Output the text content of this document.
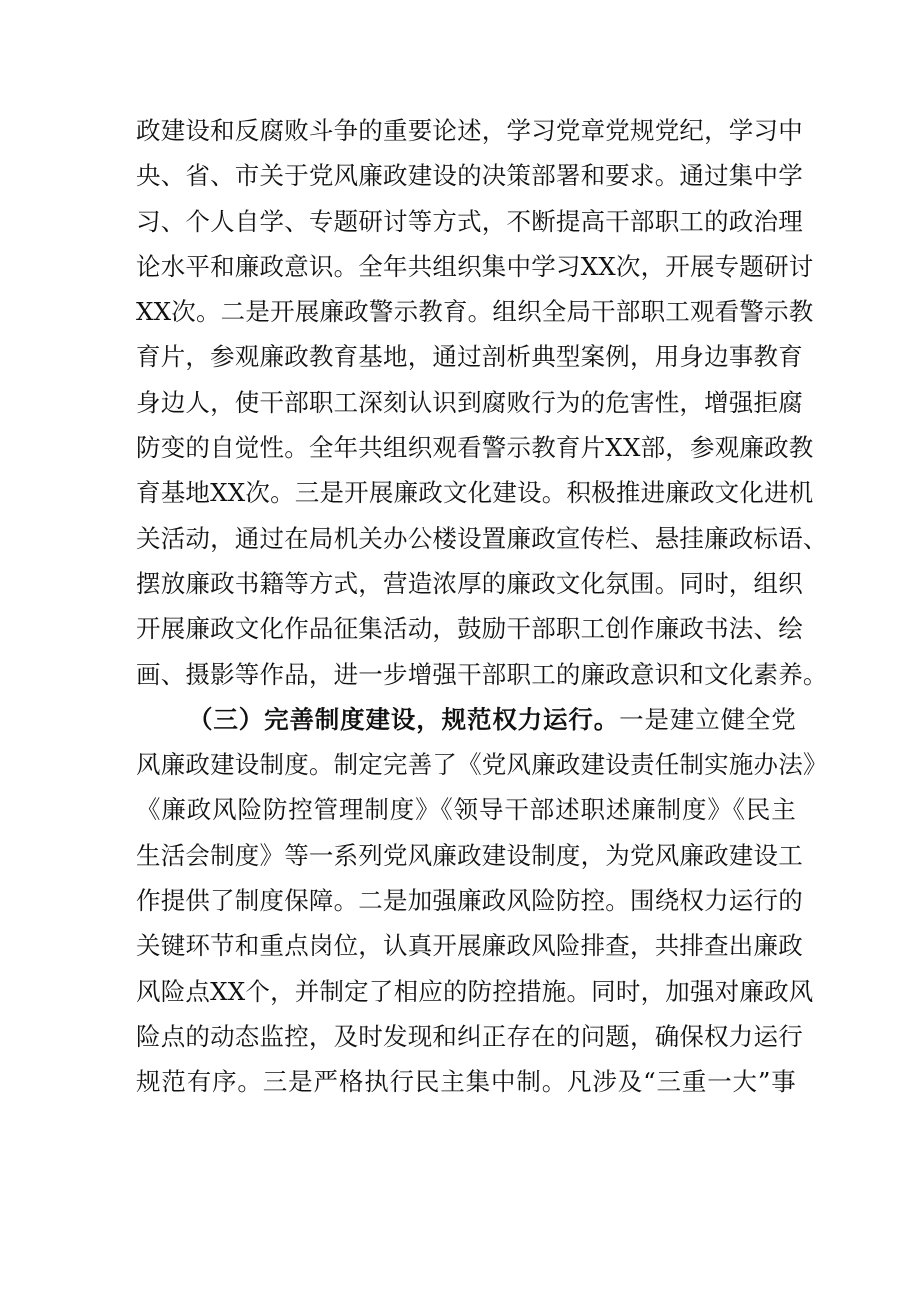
政建设和反腐败斗争的重要论述，学习党章党规党纪，学习中
央、省、市关于党风廉政建设的决策部署和要求。通过集中学
习、个人自学、专题研讨等方式，不断提高干部职工的政治理
论水平和廉政意识。全年共组织集中学习XX次，开展专题研讨
XX次。二是开展廉政警示教育。组织全局干部职工观看警示教
育片，参观廉政教育基地，通过剖析典型案例，用身边事教育
身边人，使干部职工深刻认识到腐败行为的危害性，增强拒腐
防变的自觉性。全年共组织观看警示教育片XX部，参观廉政教
育基地XX次。三是开展廉政文化建设。积极推进廉政文化进机
关活动，通过在局机关办公楼设置廉政宣传栏、悬挂廉政标语、
摆放廉政书籍等方式，营造浓厚的廉政文化氛围。同时，组织
开展廉政文化作品征集活动，鼓励干部职工创作廉政书法、绘
画、摄影等作品，进一步增强干部职工的廉政意识和文化素养。
（三）完善制度建设，规范权力运行。一是建立健全党
风廉政建设制度。制定完善了《党风廉政建设责任制实施办法》
《廉政风险防控管理制度》《领导干部述职述廉制度》《民主
生活会制度》等一系列党风廉政建设制度，为党风廉政建设工
作提供了制度保障。二是加强廉政风险防控。围绕权力运行的
关键环节和重点岗位，认真开展廉政风险排查，共排查出廉政
风险点XX个，并制定了相应的防控措施。同时，加强对廉政风
险点的动态监控，及时发现和纠正存在的问题，确保权力运行
规范有序。三是严格执行民主集中制。凡涉及“三重一大”事
